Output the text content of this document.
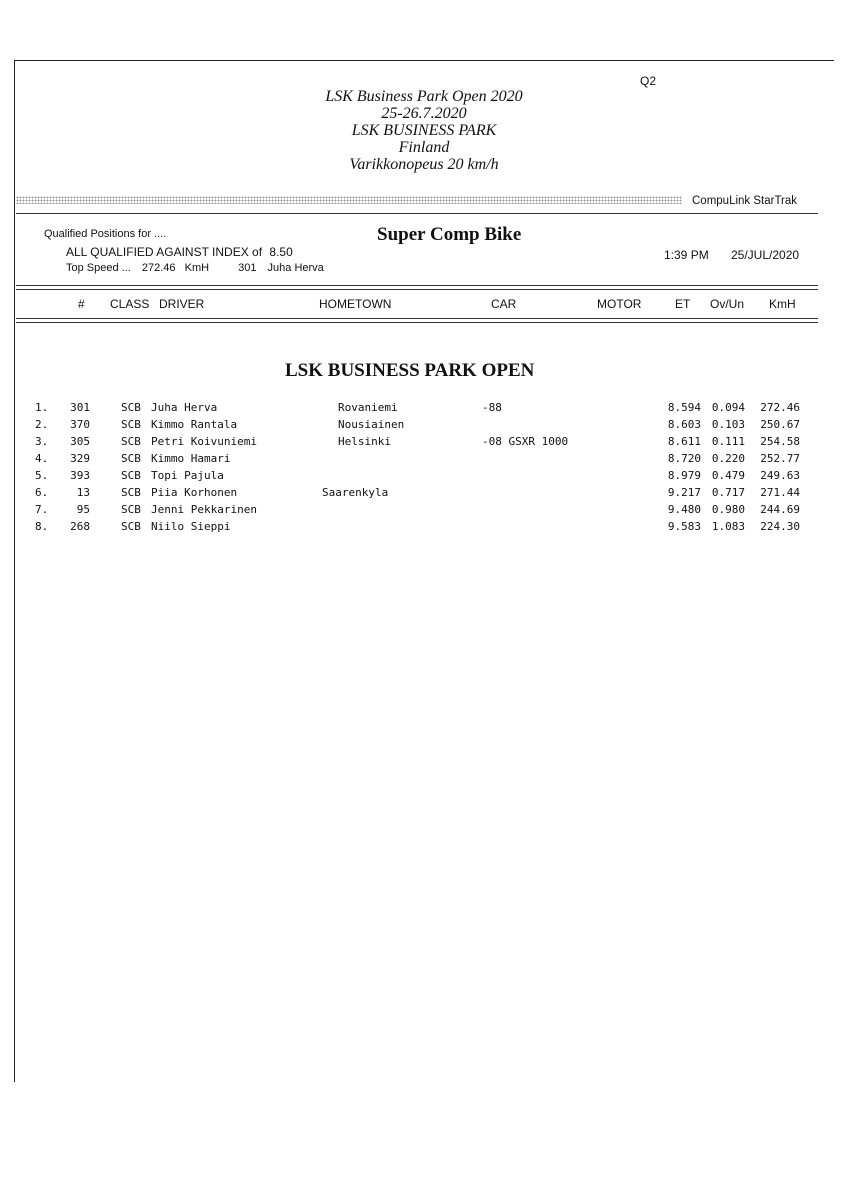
Q2
LSK Business Park Open 2020
25-26.7.2020
LSK BUSINESS PARK
Finland
Varikkonopeus 20 km/h
CompuLink StarTrak
Qualified Positions for ....
ALL QUALIFIED AGAINST INDEX of 8.50
Top Speed ... 272.46 KmH	301 Juha Herva
Super Comp Bike
1:39 PM 25/JUL/2020
# CLASS DRIVER	HOMETOWN	CAR	MOTOR	ET Ov/Un KmH
LSK BUSINESS PARK OPEN
1.	301	SCB Juha Herva	Rovaniemi	-88	8.594 0.094	272.46
2.	370	SCB Kimmo Rantala	Nousiainen	8.603 0.103	250.67
3.	305	SCB Petri Koivuniemi	Helsinki	-08 GSXR 1000	8.611 0.111	254.58
4.	329	SCB Kimmo Hamari	8.720 0.220	252.77
5.	393	SCB Topi Pajula	8.979 0.479	249.63
6.	13	SCB Piia Korhonen	Saarenkyla	9.217 0.717	271.44
7.	95	SCB Jenni Pekkarinen	9.480 0.980	244.69
8.	268	SCB Niilo Sieppi	9.583 1.083	224.30
